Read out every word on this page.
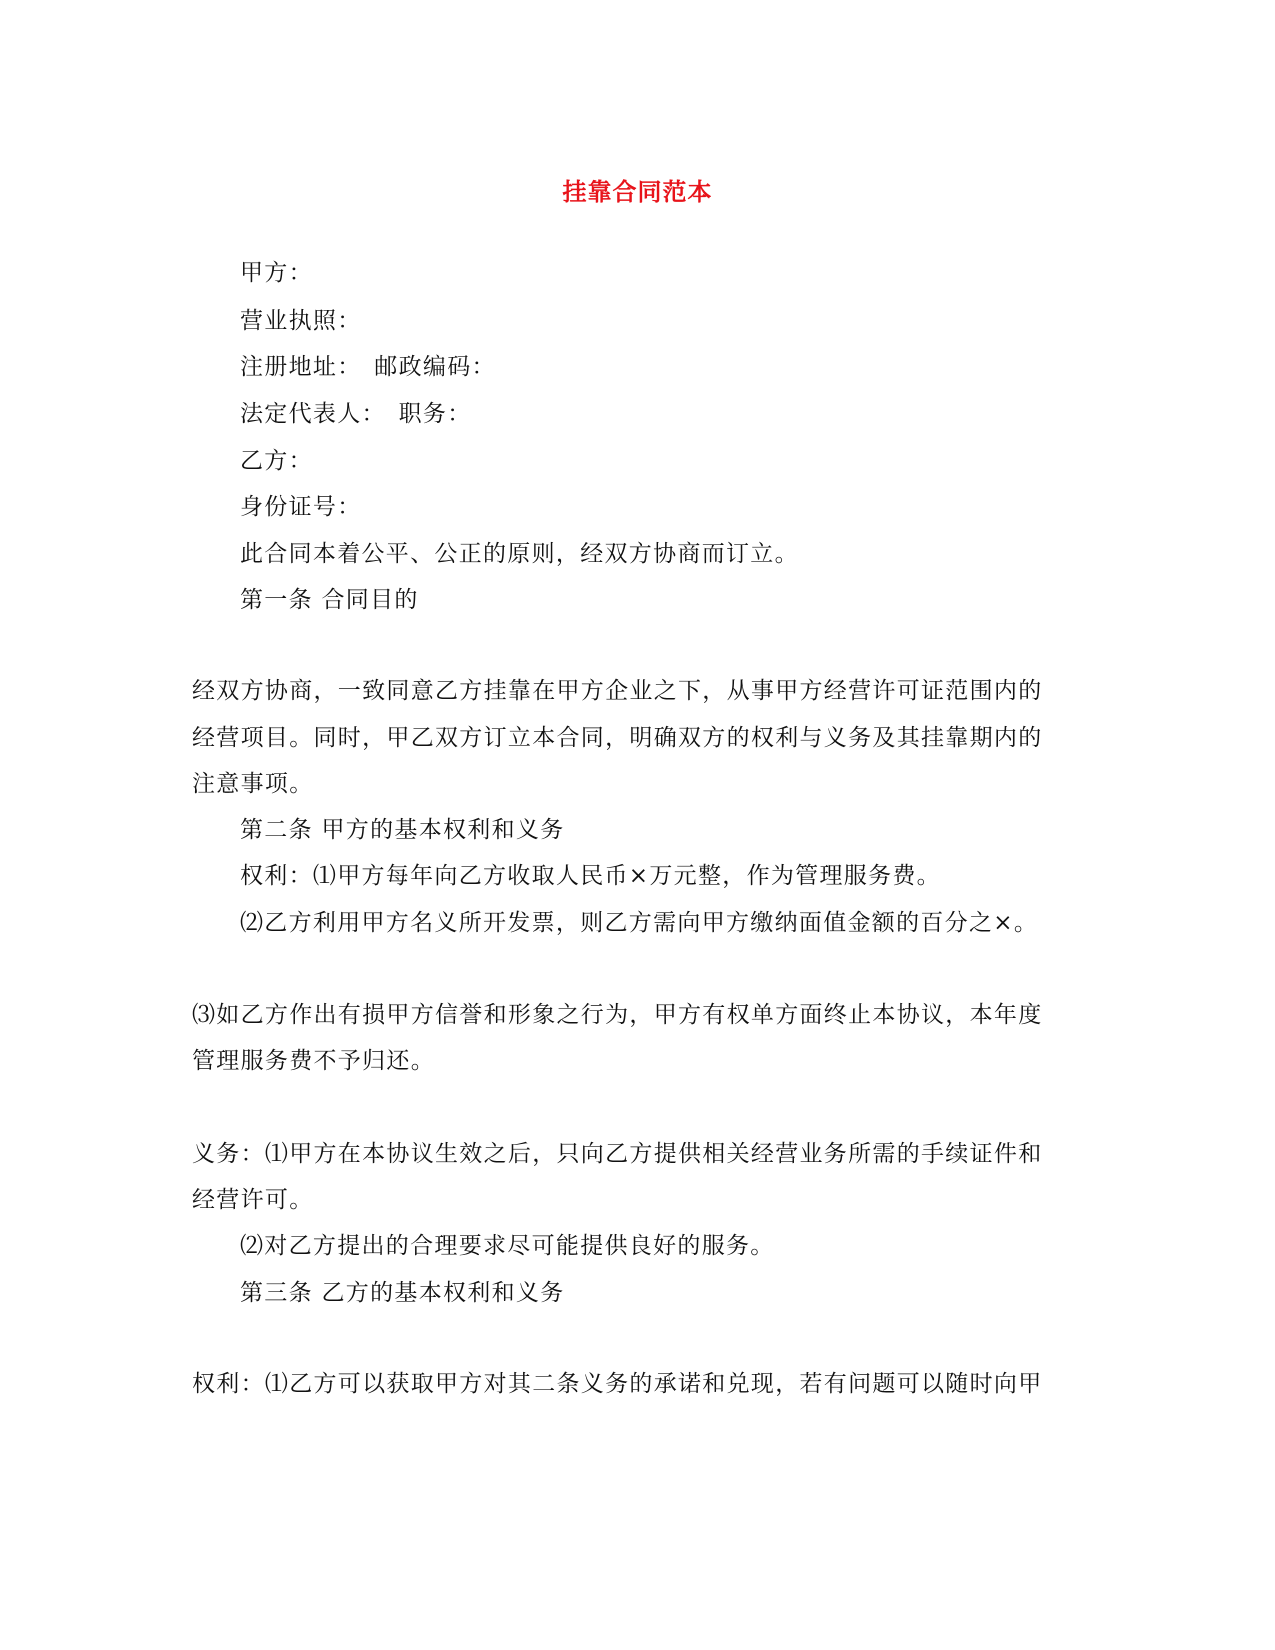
挂靠合同范本
甲方：
营业执照：
注册地址：　邮政编码：
法定代表人：　职务：
乙方：
身份证号：
此合同本着公平、公正的原则，经双方协商而订立。
第一条 合同目的
经双方协商，一致同意乙方挂靠在甲方企业之下，从事甲方经营许可证范围内的
经营项目。同时，甲乙双方订立本合同，明确双方的权利与义务及其挂靠期内的
注意事项。
第二条 甲方的基本权利和义务
权利：⑴甲方每年向乙方收取人民币×万元整，作为管理服务费。
⑵乙方利用甲方名义所开发票，则乙方需向甲方缴纳面值金额的百分之×。
⑶如乙方作出有损甲方信誉和形象之行为，甲方有权单方面终止本协议，本年度
管理服务费不予归还。
义务：⑴甲方在本协议生效之后，只向乙方提供相关经营业务所需的手续证件和
经营许可。
⑵对乙方提出的合理要求尽可能提供良好的服务。
第三条 乙方的基本权利和义务
权利：⑴乙方可以获取甲方对其二条义务的承诺和兑现，若有问题可以随时向甲
